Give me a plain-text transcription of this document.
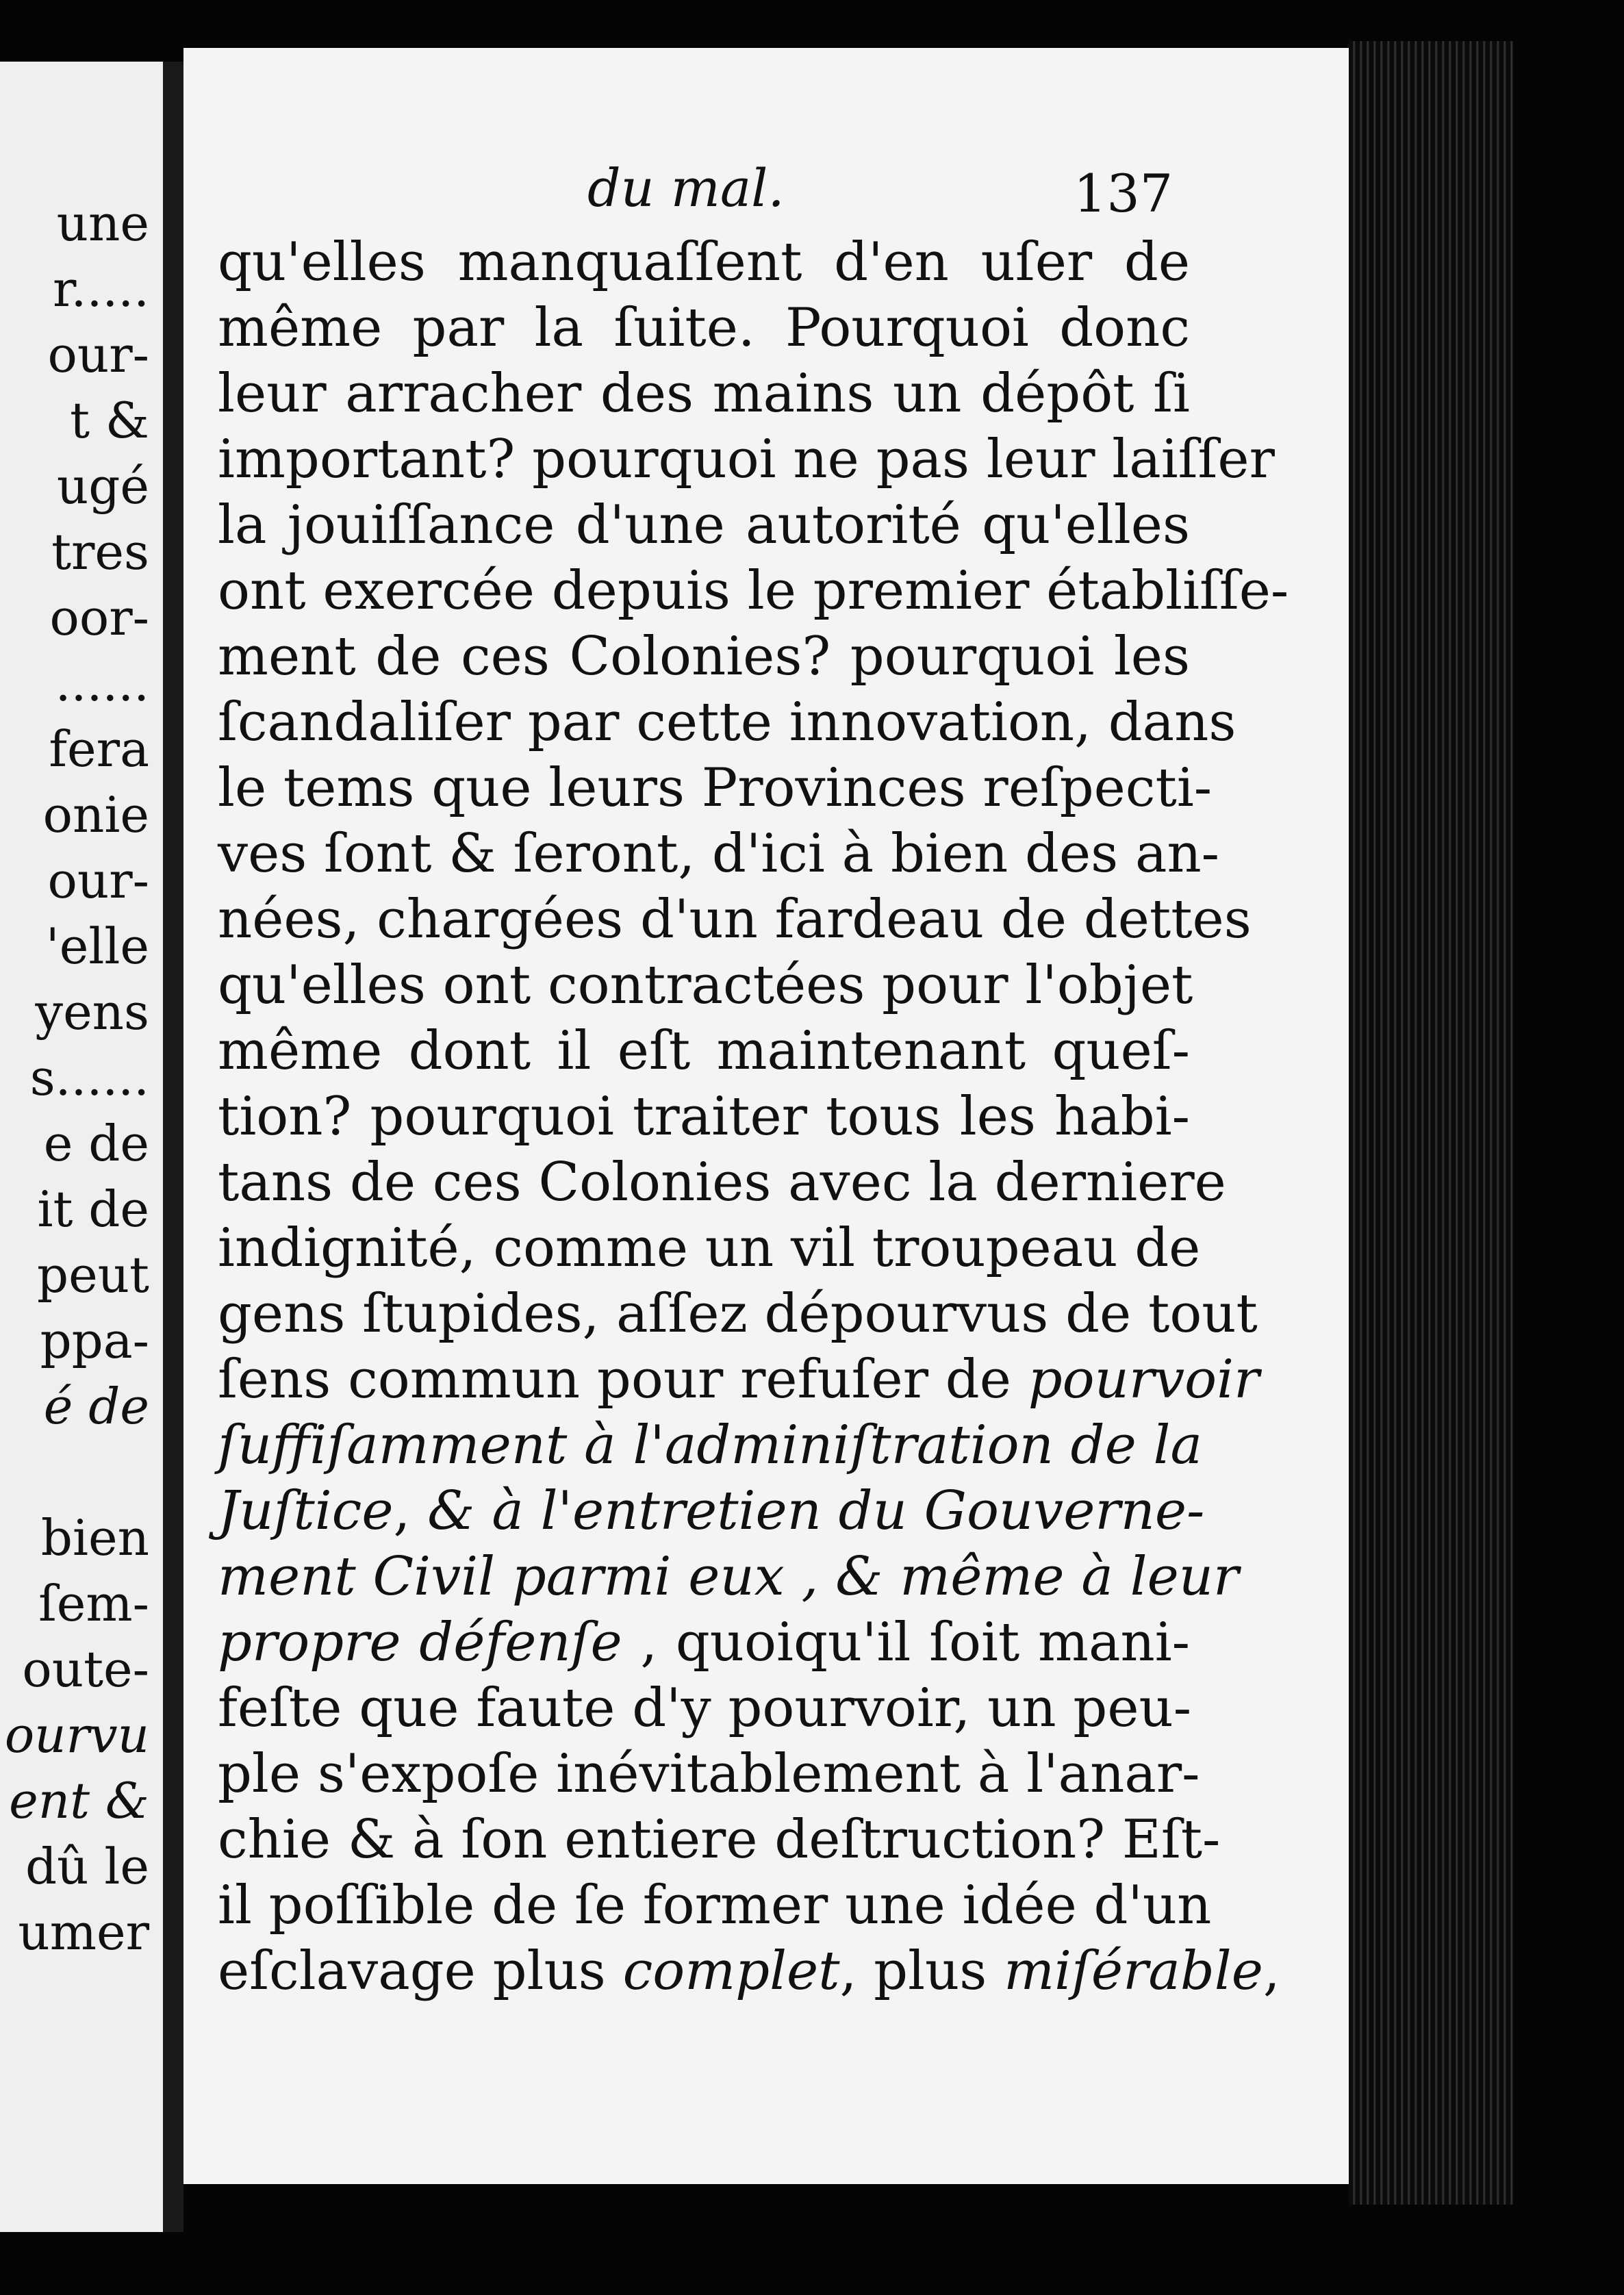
une
r.....
our-
t &
ugé
tres
oor-
......
fera
onie
our-
'elle
yens
s......
e de
it de
peut
ppa-
é de
bien
ſem-
oute-
ourvu
ent &
dû le
umer
du mal.	137
qu'elles manquaſſent d'en uſer de
même par la ſuite. Pourquoi donc
leur arracher des mains un dépôt ſi
important? pourquoi ne pas leur laiſſer
la jouiſſance d'une autorité qu'elles
ont exercée depuis le premier établiſſe-
ment de ces Colonies? pourquoi les
ſcandaliſer par cette innovation, dans
le tems que leurs Provinces reſpecti-
ves ſont & ſeront, d'ici à bien des an-
nées, chargées d'un fardeau de dettes
qu'elles ont contractées pour l'objet
même dont il eſt maintenant queſ-
tion? pourquoi traiter tous les habi-
tans de ces Colonies avec la derniere
indignité, comme un vil troupeau de
gens ſtupides, aſſez dépourvus de tout
ſens commun pour refuſer de pourvoir
ſuffiſamment à l'adminiſtration de la
Juſtice, & à l'entretien du Gouverne-
ment Civil parmi eux , & même à leur
propre défenſe , quoiqu'il ſoit mani-
feſte que faute d'y pourvoir, un peu-
ple s'expoſe inévitablement à l'anar-
chie & à ſon entiere deſtruction? Eſt-
il poſſible de ſe former une idée d'un
eſclavage plus complet, plus miſérable,
